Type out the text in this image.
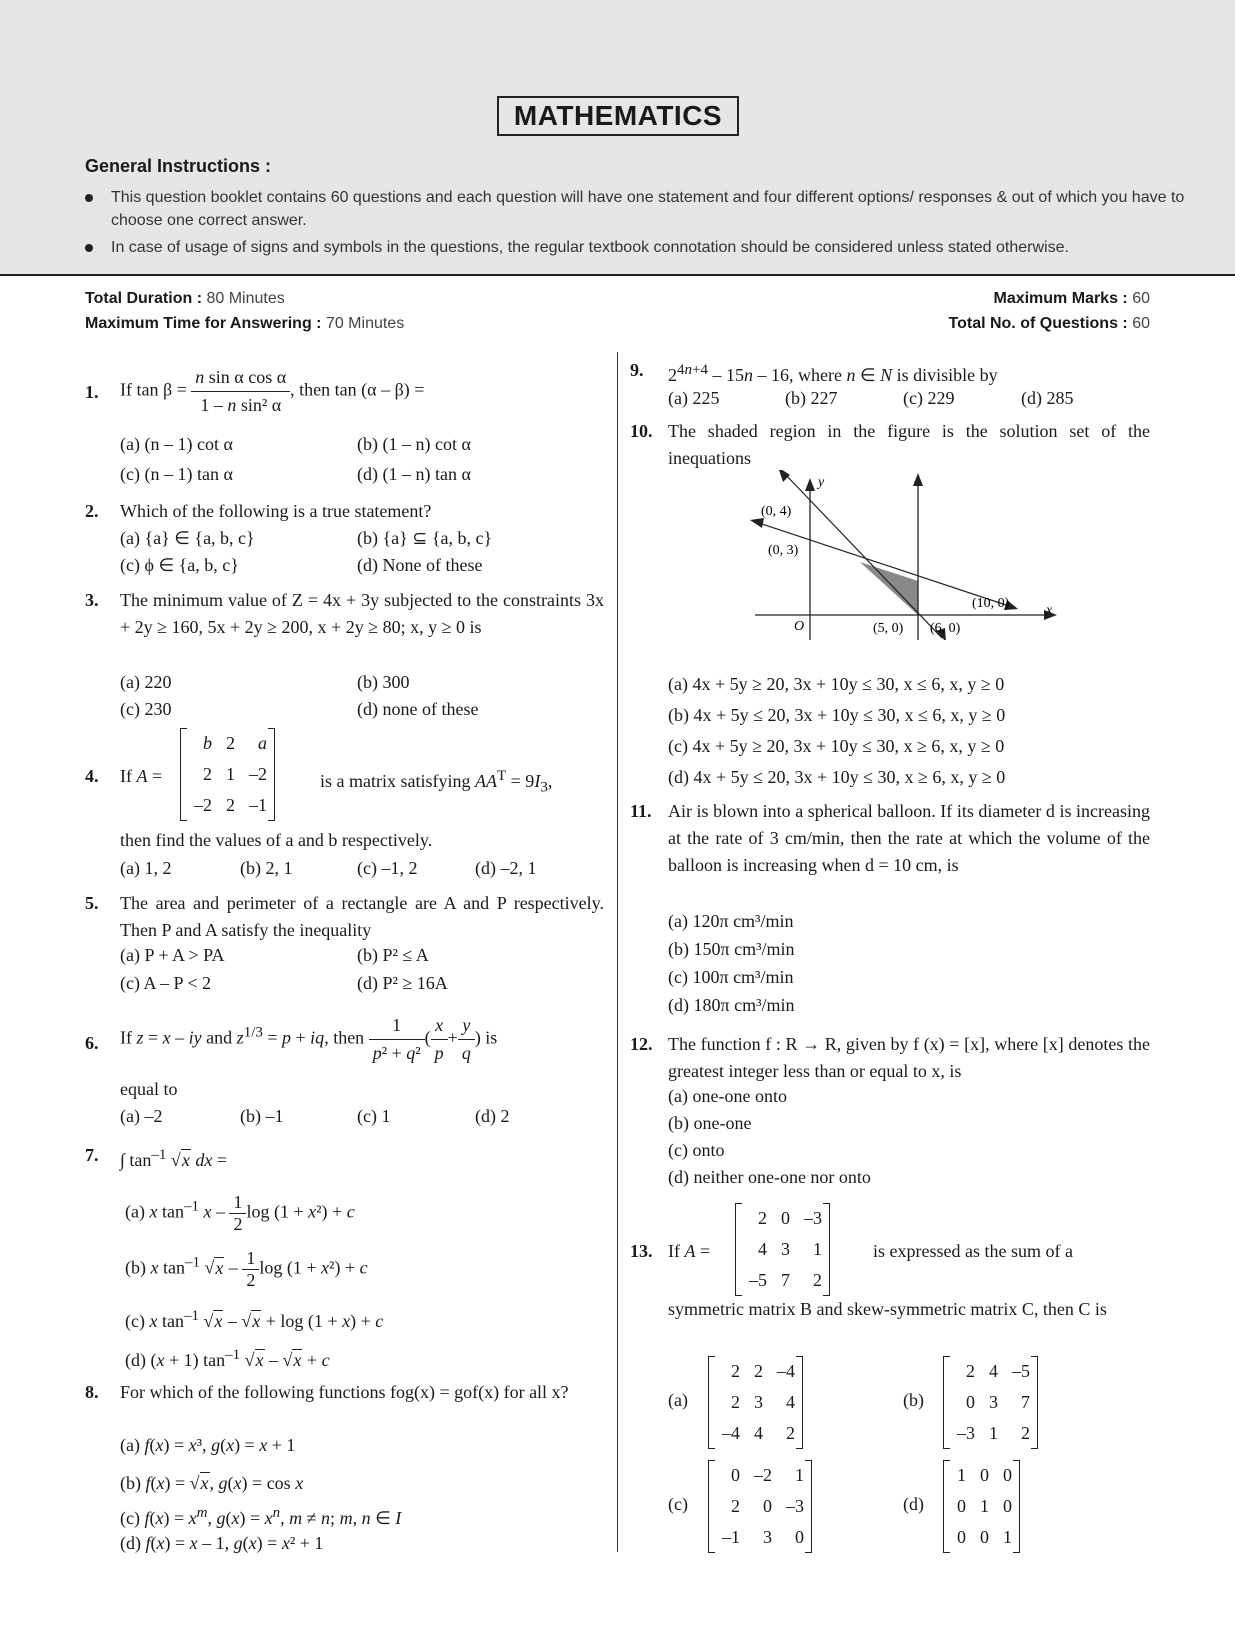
MATHEMATICS
General Instructions :
This question booklet contains 60 questions and each question will have one statement and four different options/ responses & out of which you have to choose one correct answer.
In case of usage of signs and symbols in the questions, the regular textbook connotation should be considered unless stated otherwise.
Total Duration : 80 Minutes
Maximum Time for Answering : 70 Minutes
Maximum Marks : 60
Total No. of Questions : 60
1. If $\tan \beta = \frac{\text{n sin α cos α}}{\text{1 – n sin² α}}$ , then tan (α – β) =
(a) (n – 1) cot α	(b) (1 – n) cot α
(c) (n – 1) tan α	(d) (1 – n) tan α
2. Which of the following is a true statement?
(a) {a} ∈ {a, b, c}	(b) {a} ⊆ {a, b, c}
(c) ϕ ∈ {a, b, c}	(d) None of these
3. The minimum value of Z = 4x + 3y subjected to the constraints 3x + 2y ≥ 160, 5x + 2y ≥ 200, x + 2y ≥ 80; x, y ≥ 0 is
(a) 220	(b) 300
(c) 230	(d) none of these
4. If A =
b	2	a
2	1	–2
–2	2	–1
is a matrix satisfying $AA^T = 9I_3$,
then find the values of a and b respectively.
(a) 1, 2	(b) 2, 1	(c) –1, 2	(d) –2, 1
5. The area and perimeter of a rectangle are A and P respectively. Then P and A satisfy the inequality
(a) P + A > PA	(b) P² ≤ A
(c) A – P < 2	(d) P² ≥ 16A
6. If z = x – iy and $z^{1/3} = p$ + iq, then $\frac{1}{\text{p² + q²}}$ ( $\frac{x}{p} + \frac{y}{q}$ ) is
equal to
(a) –2	(b) –1	(c) 1	(d) 2
7. ∫ $\tan^{-1} √x$ dx =
(a) x $\tan^{-1} x - \frac{1}{2}$ log (1 + x²) + c
(b) x $\tan^{-1} √x - \frac{1}{2}$ log (1 + x²) + c
(c) x $\tan^{-1} √x - √x + \log (1 + x) + c$
(d) (x + 1) $\tan^{-1} √x - √x + c$
8. For which of the following functions fog(x) = gof(x) for all x?
(a) f(x) = x³, g(x) = x + 1
(b) f(x) = √x, g(x) = cos x
(c) $f(x) = x^m$, $g(x) = x^n$, m ≠ n; m, n ∈ I
(d) f(x) = x – 1, g(x) = x² + 1
9. $2^{4n+4} - 15n - 16$, where n ∈ N is divisible by
(a) 225	(b) 227	(c) 229	(d) 285
10. The shaded region in the figure is the solution set of the inequations
y
x
O
(0, 4)
(0, 3)
(5, 0) (6, 0)
(10, 0)
(a) 4x + 5y ≥ 20, 3x + 10y ≤ 30, x ≤ 6, x, y ≥ 0
(b) 4x + 5y ≤ 20, 3x + 10y ≤ 30, x ≤ 6, x, y ≥ 0
(c) 4x + 5y ≥ 20, 3x + 10y ≤ 30, x ≥ 6, x, y ≥ 0
(d) 4x + 5y ≤ 20, 3x + 10y ≤ 30, x ≥ 6, x, y ≥ 0
11. Air is blown into a spherical balloon. If its diameter d is increasing at the rate of 3 cm/min, then the rate at which the volume of the balloon is increasing when d = 10 cm, is
(a) 120π cm³/min
(b) 150π cm³/min
(c) 100π cm³/min
(d) 180π cm³/min
12. The function f : R → R, given by f (x) = [x], where [x] denotes the greatest integer less than or equal to x, is
(a) one-one onto
(b) one-one
(c) onto
(d) neither one-one nor onto
13. If A =
2	0	–3
4	3	1
–5	7	2
is expressed as the sum of a
symmetric matrix B and skew-symmetric matrix C, then C is
(a)
2	2	–4
2	3	4
–4	4	2
(b)
2	4	–5
0	3	7
–3	1	2
(c)
0	–2	1
2	0	–3
–1	3	0
(d)
1	0	0
0	1	0
0	0	1
